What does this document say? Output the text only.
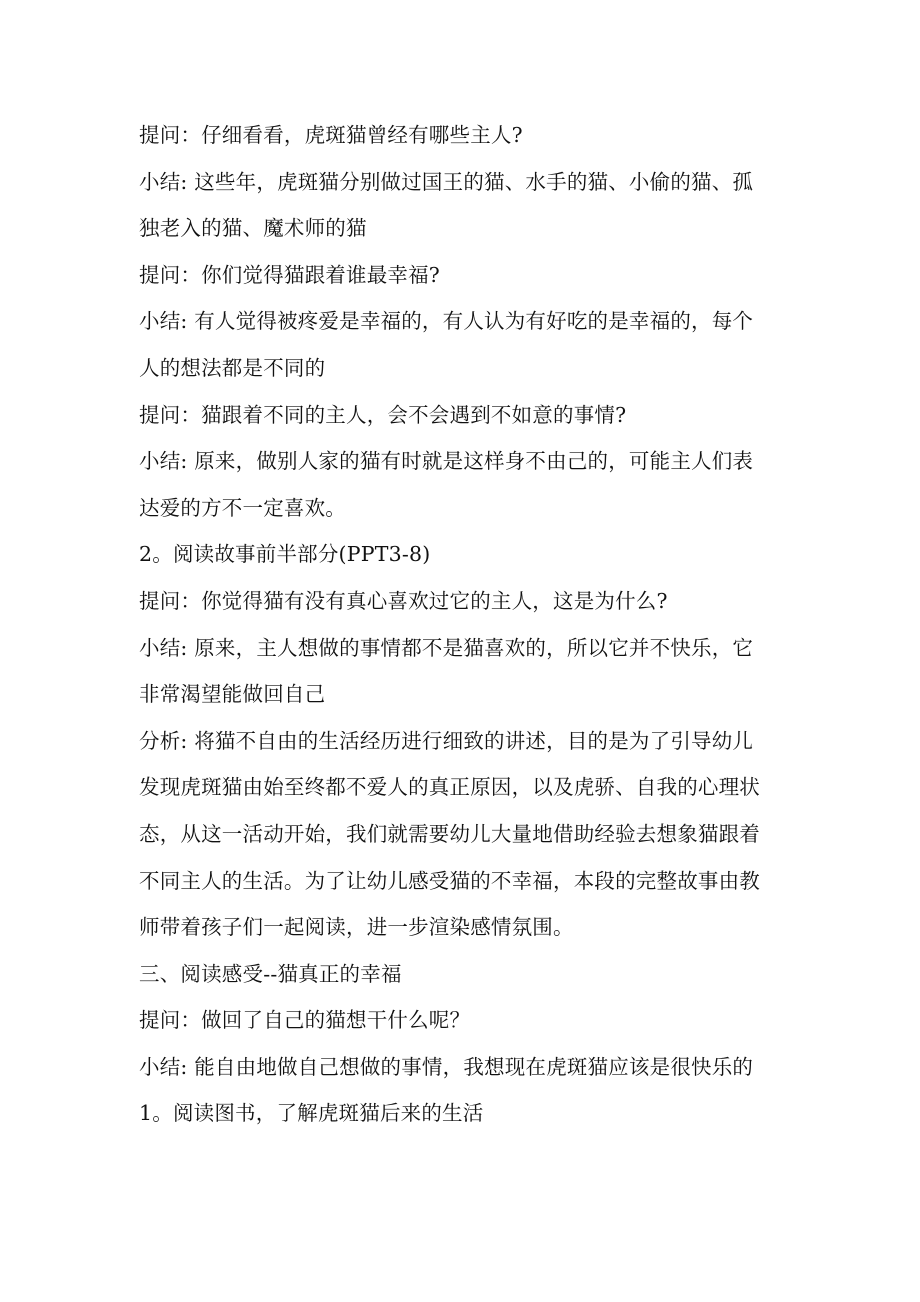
提问：仔细看看，虎斑猫曾经有哪些主人?
小结: 这些年，虎斑猫分别做过国王的猫、水手的猫、小偷的猫、孤
独老入的猫、魔术师的猫
提问：你们觉得猫跟着谁最幸福?
小结: 有人觉得被疼爱是幸福的，有人认为有好吃的是幸福的，每个
人的想法都是不同的
提问：猫跟着不同的主人，会不会遇到不如意的事情?
小结: 原来，做别人家的猫有时就是这样身不由己的，可能主人们表
达爱的方不一定喜欢。
2。阅读故事前半部分(PPT3-8)
提问：你觉得猫有没有真心喜欢过它的主人，这是为什么?
小结: 原来，主人想做的事情都不是猫喜欢的，所以它并不快乐，它
非常渴望能做回自己
分析: 将猫不自由的生活经历进行细致的讲述，目的是为了引导幼儿
发现虎斑猫由始至终都不爱人的真正原因，以及虎骄、自我的心理状
态，从这一活动开始，我们就需要幼儿大量地借助经验去想象猫跟着
不同主人的生活。为了让幼儿感受猫的不幸福，本段的完整故事由教
师带着孩子们一起阅读，进一步渲染感情氛围。
三、阅读感受--猫真正的幸福
提问：做回了自己的猫想干什么呢？
小结: 能自由地做自己想做的事情，我想现在虎斑猫应该是很快乐的
1。阅读图书，了解虎斑猫后来的生活
